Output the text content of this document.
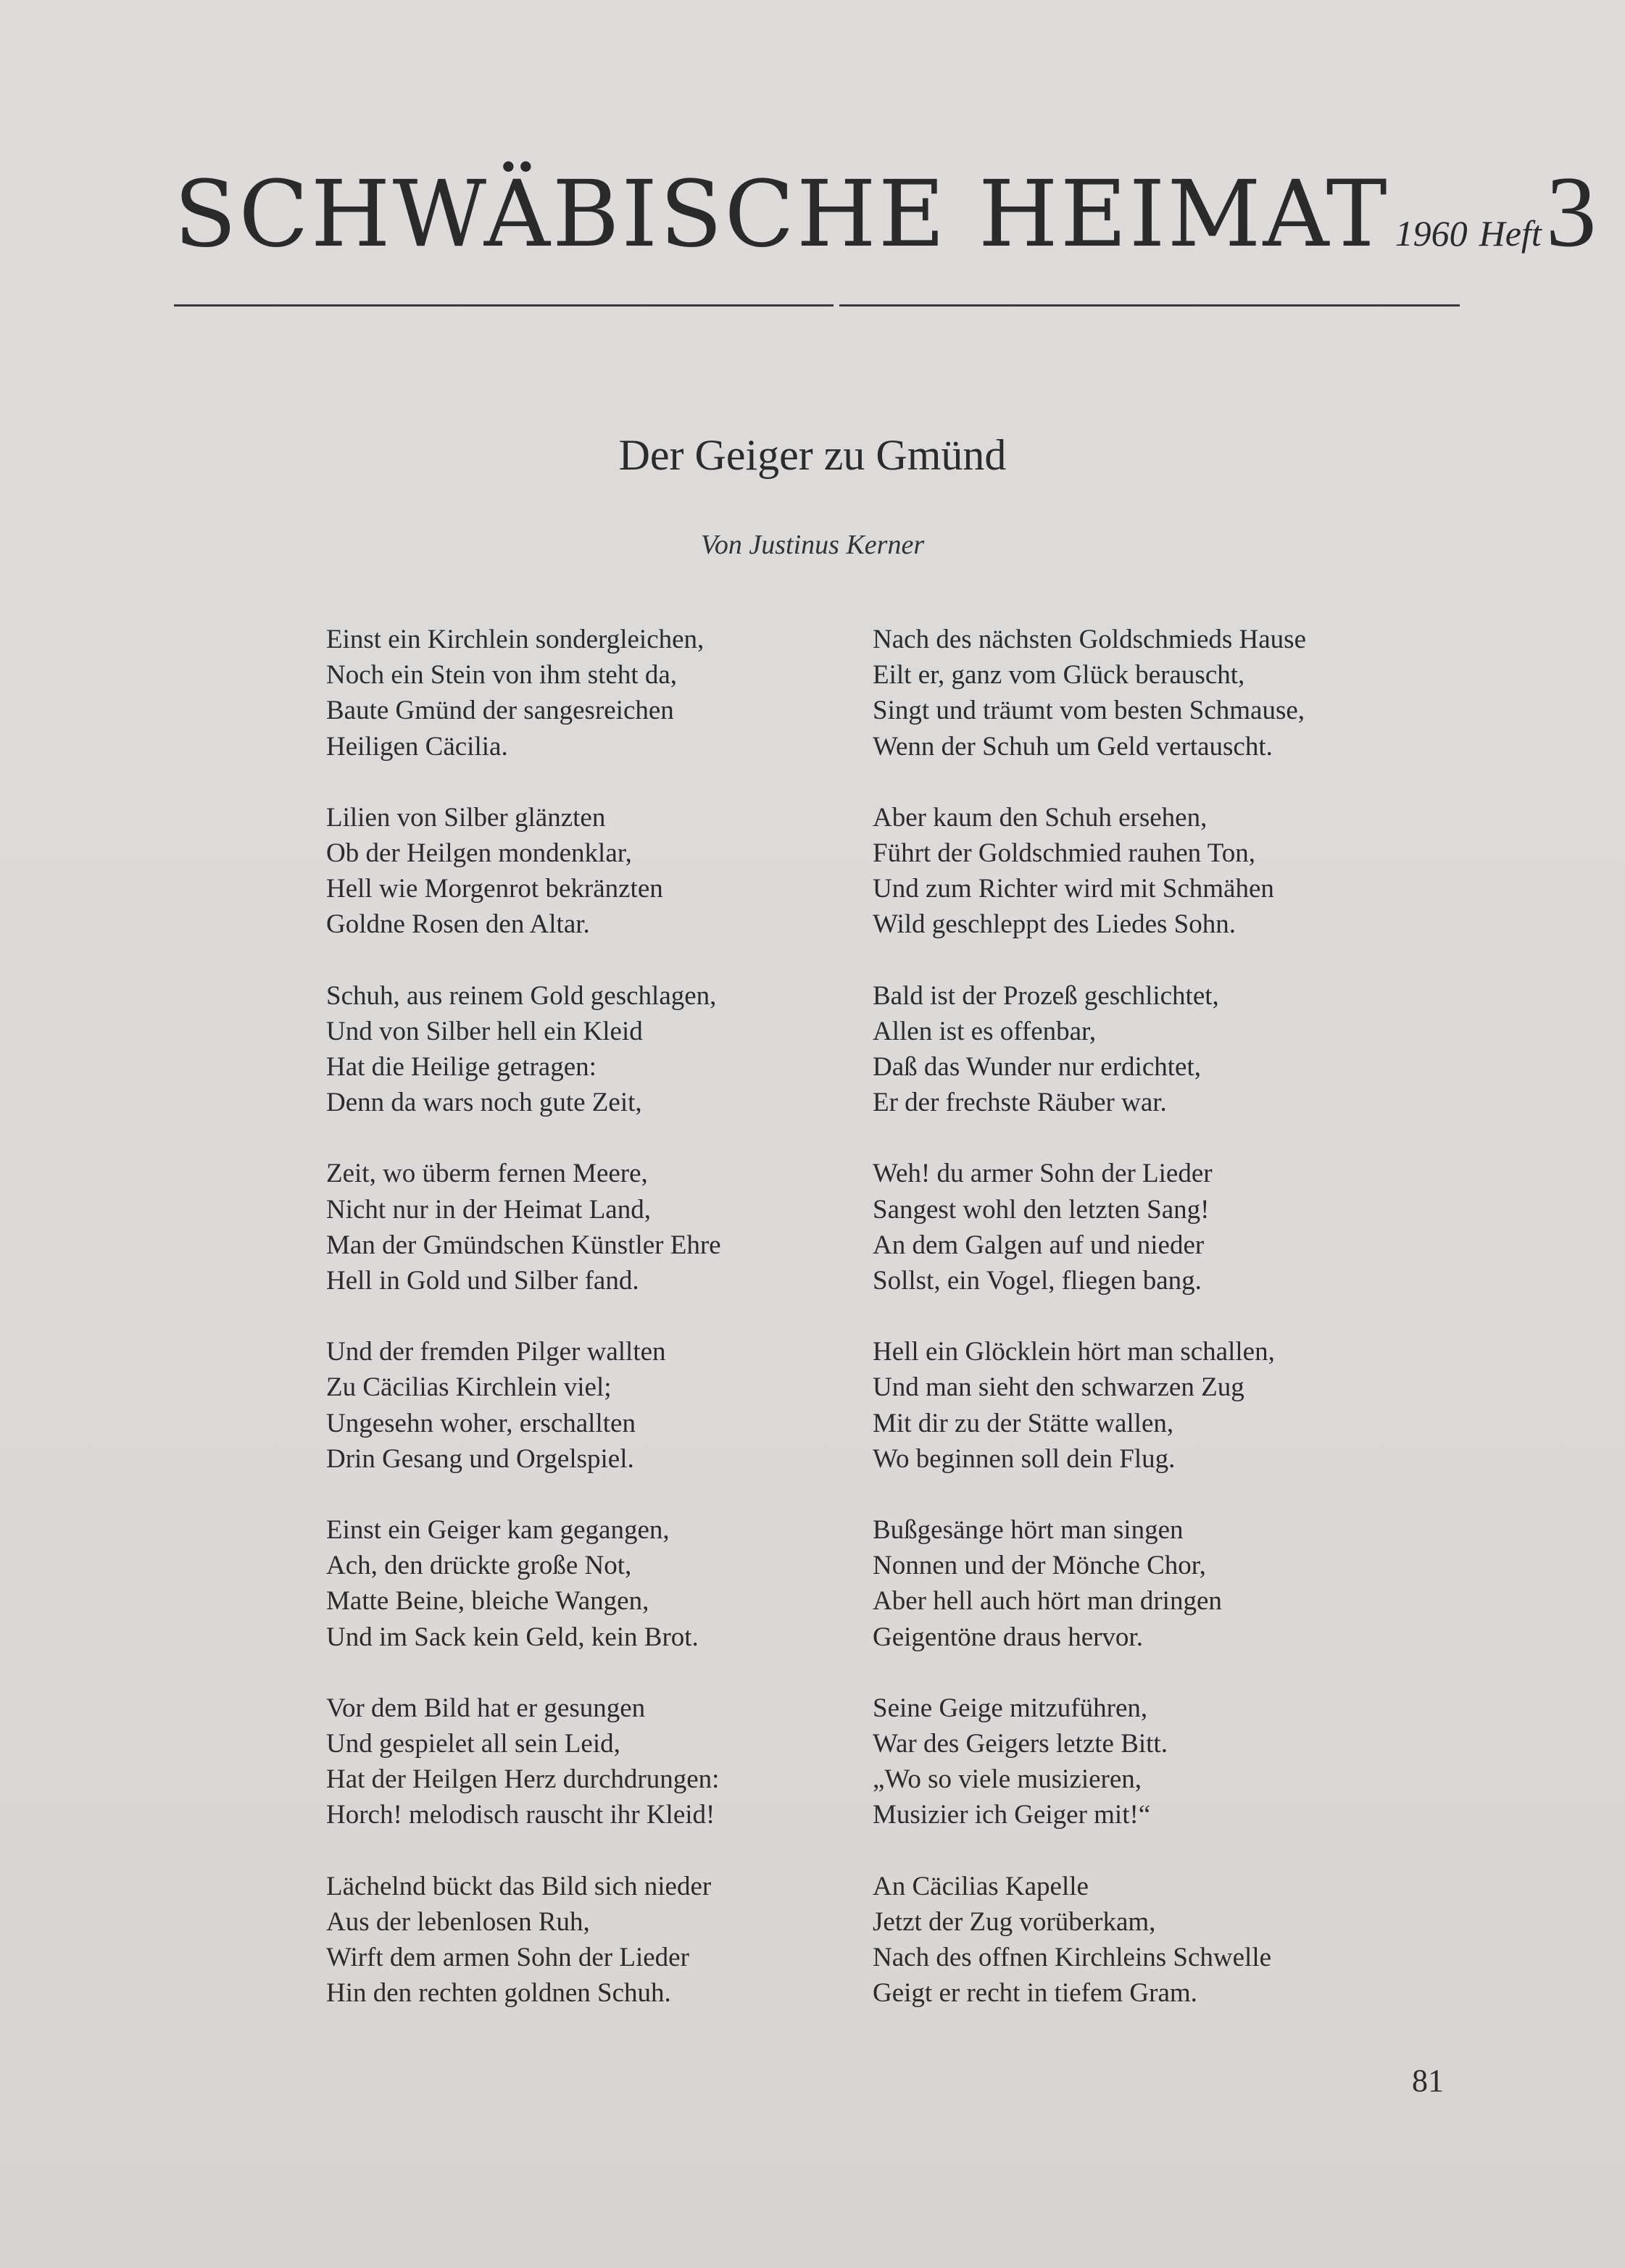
SCHWÄBISCHE HEIMAT 1960 Heft3
Der Geiger zu Gmünd
Von Justinus Kerner
Einst ein Kirchlein sondergleichen,
Noch ein Stein von ihm steht da,
Baute Gmünd der sangesreichen
Heiligen Cäcilia.
Lilien von Silber glänzten
Ob der Heilgen mondenklar,
Hell wie Morgenrot bekränzten
Goldne Rosen den Altar.
Schuh, aus reinem Gold geschlagen,
Und von Silber hell ein Kleid
Hat die Heilige getragen:
Denn da wars noch gute Zeit,
Zeit, wo überm fernen Meere,
Nicht nur in der Heimat Land,
Man der Gmündschen Künstler Ehre
Hell in Gold und Silber fand.
Und der fremden Pilger wallten
Zu Cäcilias Kirchlein viel;
Ungesehn woher, erschallten
Drin Gesang und Orgelspiel.
Einst ein Geiger kam gegangen,
Ach, den drückte große Not,
Matte Beine, bleiche Wangen,
Und im Sack kein Geld, kein Brot.
Vor dem Bild hat er gesungen
Und gespielet all sein Leid,
Hat der Heilgen Herz durchdrungen:
Horch! melodisch rauscht ihr Kleid!
Lächelnd bückt das Bild sich nieder
Aus der lebenlosen Ruh,
Wirft dem armen Sohn der Lieder
Hin den rechten goldnen Schuh.
Nach des nächsten Goldschmieds Hause
Eilt er, ganz vom Glück berauscht,
Singt und träumt vom besten Schmause,
Wenn der Schuh um Geld vertauscht.
Aber kaum den Schuh ersehen,
Führt der Goldschmied rauhen Ton,
Und zum Richter wird mit Schmähen
Wild geschleppt des Liedes Sohn.
Bald ist der Prozeß geschlichtet,
Allen ist es offenbar,
Daß das Wunder nur erdichtet,
Er der frechste Räuber war.
Weh! du armer Sohn der Lieder
Sangest wohl den letzten Sang!
An dem Galgen auf und nieder
Sollst, ein Vogel, fliegen bang.
Hell ein Glöcklein hört man schallen,
Und man sieht den schwarzen Zug
Mit dir zu der Stätte wallen,
Wo beginnen soll dein Flug.
Bußgesänge hört man singen
Nonnen und der Mönche Chor,
Aber hell auch hört man dringen
Geigentöne draus hervor.
Seine Geige mitzuführen,
War des Geigers letzte Bitt.
„Wo so viele musizieren,
Musizier ich Geiger mit!“
An Cäcilias Kapelle
Jetzt der Zug vorüberkam,
Nach des offnen Kirchleins Schwelle
Geigt er recht in tiefem Gram.
81
